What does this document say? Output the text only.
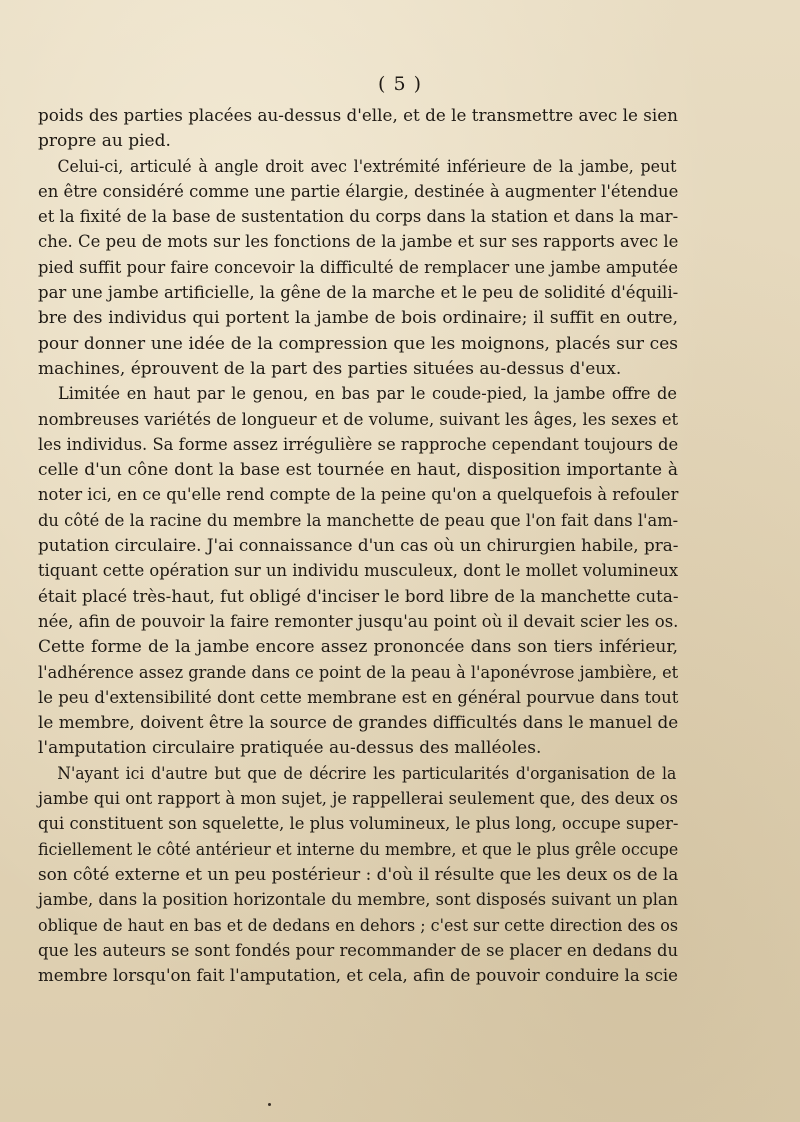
( 5 )
poids des parties placées au-dessus d'elle, et de le transmettre avec le sien
propre au pied.
Celui-ci, articulé à angle droit avec l'extrémité inférieure de la jambe, peut
en être considéré comme une partie élargie, destinée à augmenter l'étendue
et la fixité de la base de sustentation du corps dans la station et dans la mar-
che. Ce peu de mots sur les fonctions de la jambe et sur ses rapports avec le
pied suffit pour faire concevoir la difficulté de remplacer une jambe amputée
par une jambe artificielle, la gêne de la marche et le peu de solidité d'équili-
bre des individus qui portent la jambe de bois ordinaire; il suffit en outre,
pour donner une idée de la compression que les moignons, placés sur ces
machines, éprouvent de la part des parties situées au-dessus d'eux.
Limitée en haut par le genou, en bas par le coude-pied, la jambe offre de
nombreuses variétés de longueur et de volume, suivant les âges, les sexes et
les individus. Sa forme assez irrégulière se rapproche cependant toujours de
celle d'un cône dont la base est tournée en haut, disposition importante à
noter ici, en ce qu'elle rend compte de la peine qu'on a quelquefois à refouler
du côté de la racine du membre la manchette de peau que l'on fait dans l'am-
putation circulaire. J'ai connaissance d'un cas où un chirurgien habile, pra-
tiquant cette opération sur un individu musculeux, dont le mollet volumineux
était placé très-haut, fut obligé d'inciser le bord libre de la manchette cuta-
née, afin de pouvoir la faire remonter jusqu'au point où il devait scier les os.
Cette forme de la jambe encore assez prononcée dans son tiers inférieur,
l'adhérence assez grande dans ce point de la peau à l'aponévrose jambière, et
le peu d'extensibilité dont cette membrane est en général pourvue dans tout
le membre, doivent être la source de grandes difficultés dans le manuel de
l'amputation circulaire pratiquée au-dessus des malléoles.
N'ayant ici d'autre but que de décrire les particularités d'organisation de la
jambe qui ont rapport à mon sujet, je rappellerai seulement que, des deux os
qui constituent son squelette, le plus volumineux, le plus long, occupe super-
ficiellement le côté antérieur et interne du membre, et que le plus grêle occupe
son côté externe et un peu postérieur : d'où il résulte que les deux os de la
jambe, dans la position horizontale du membre, sont disposés suivant un plan
oblique de haut en bas et de dedans en dehors ; c'est sur cette direction des os
que les auteurs se sont fondés pour recommander de se placer en dedans du
membre lorsqu'on fait l'amputation, et cela, afin de pouvoir conduire la scie
